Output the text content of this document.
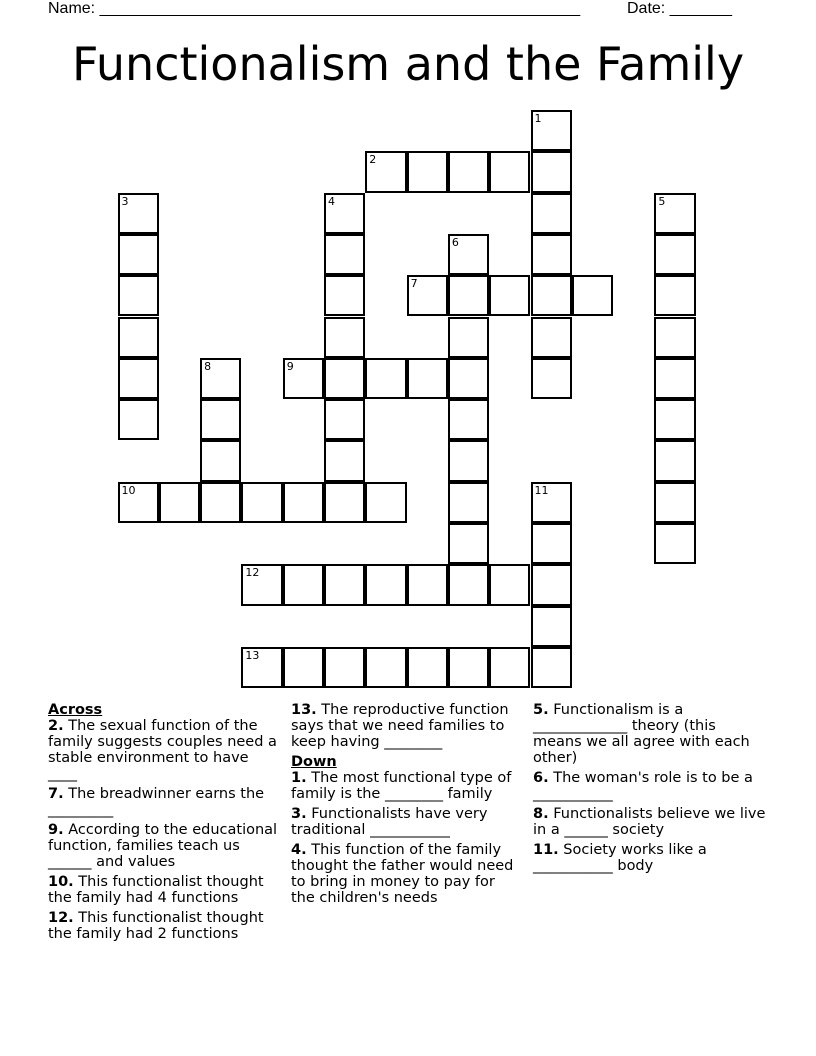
Name: ______________________________________________________	Date: _______
Functionalism and the Family
1
2
3	4	5
6
7
8	9
10	11
12
13
Across
2. The sexual function of the family suggests couples need a stable environment to have ____
7. The breadwinner earns the _________
9. According to the educational function, families teach us ______ and values
10. This functionalist thought the family had 4 functions
12. This functionalist thought the family had 2 functions
13. The reproductive function says that we need families to keep having ________
Down
1. The most functional type of family is the ________ family
3. Functionalists have very traditional ___________
4. This function of the family thought the father would need to bring in money to pay for the children's needs
5. Functionalism is a _____________ theory (this means we all agree with each other)
6. The woman's role is to be a ___________
8. Functionalists believe we live in a ______ society
11. Society works like a ___________ body
